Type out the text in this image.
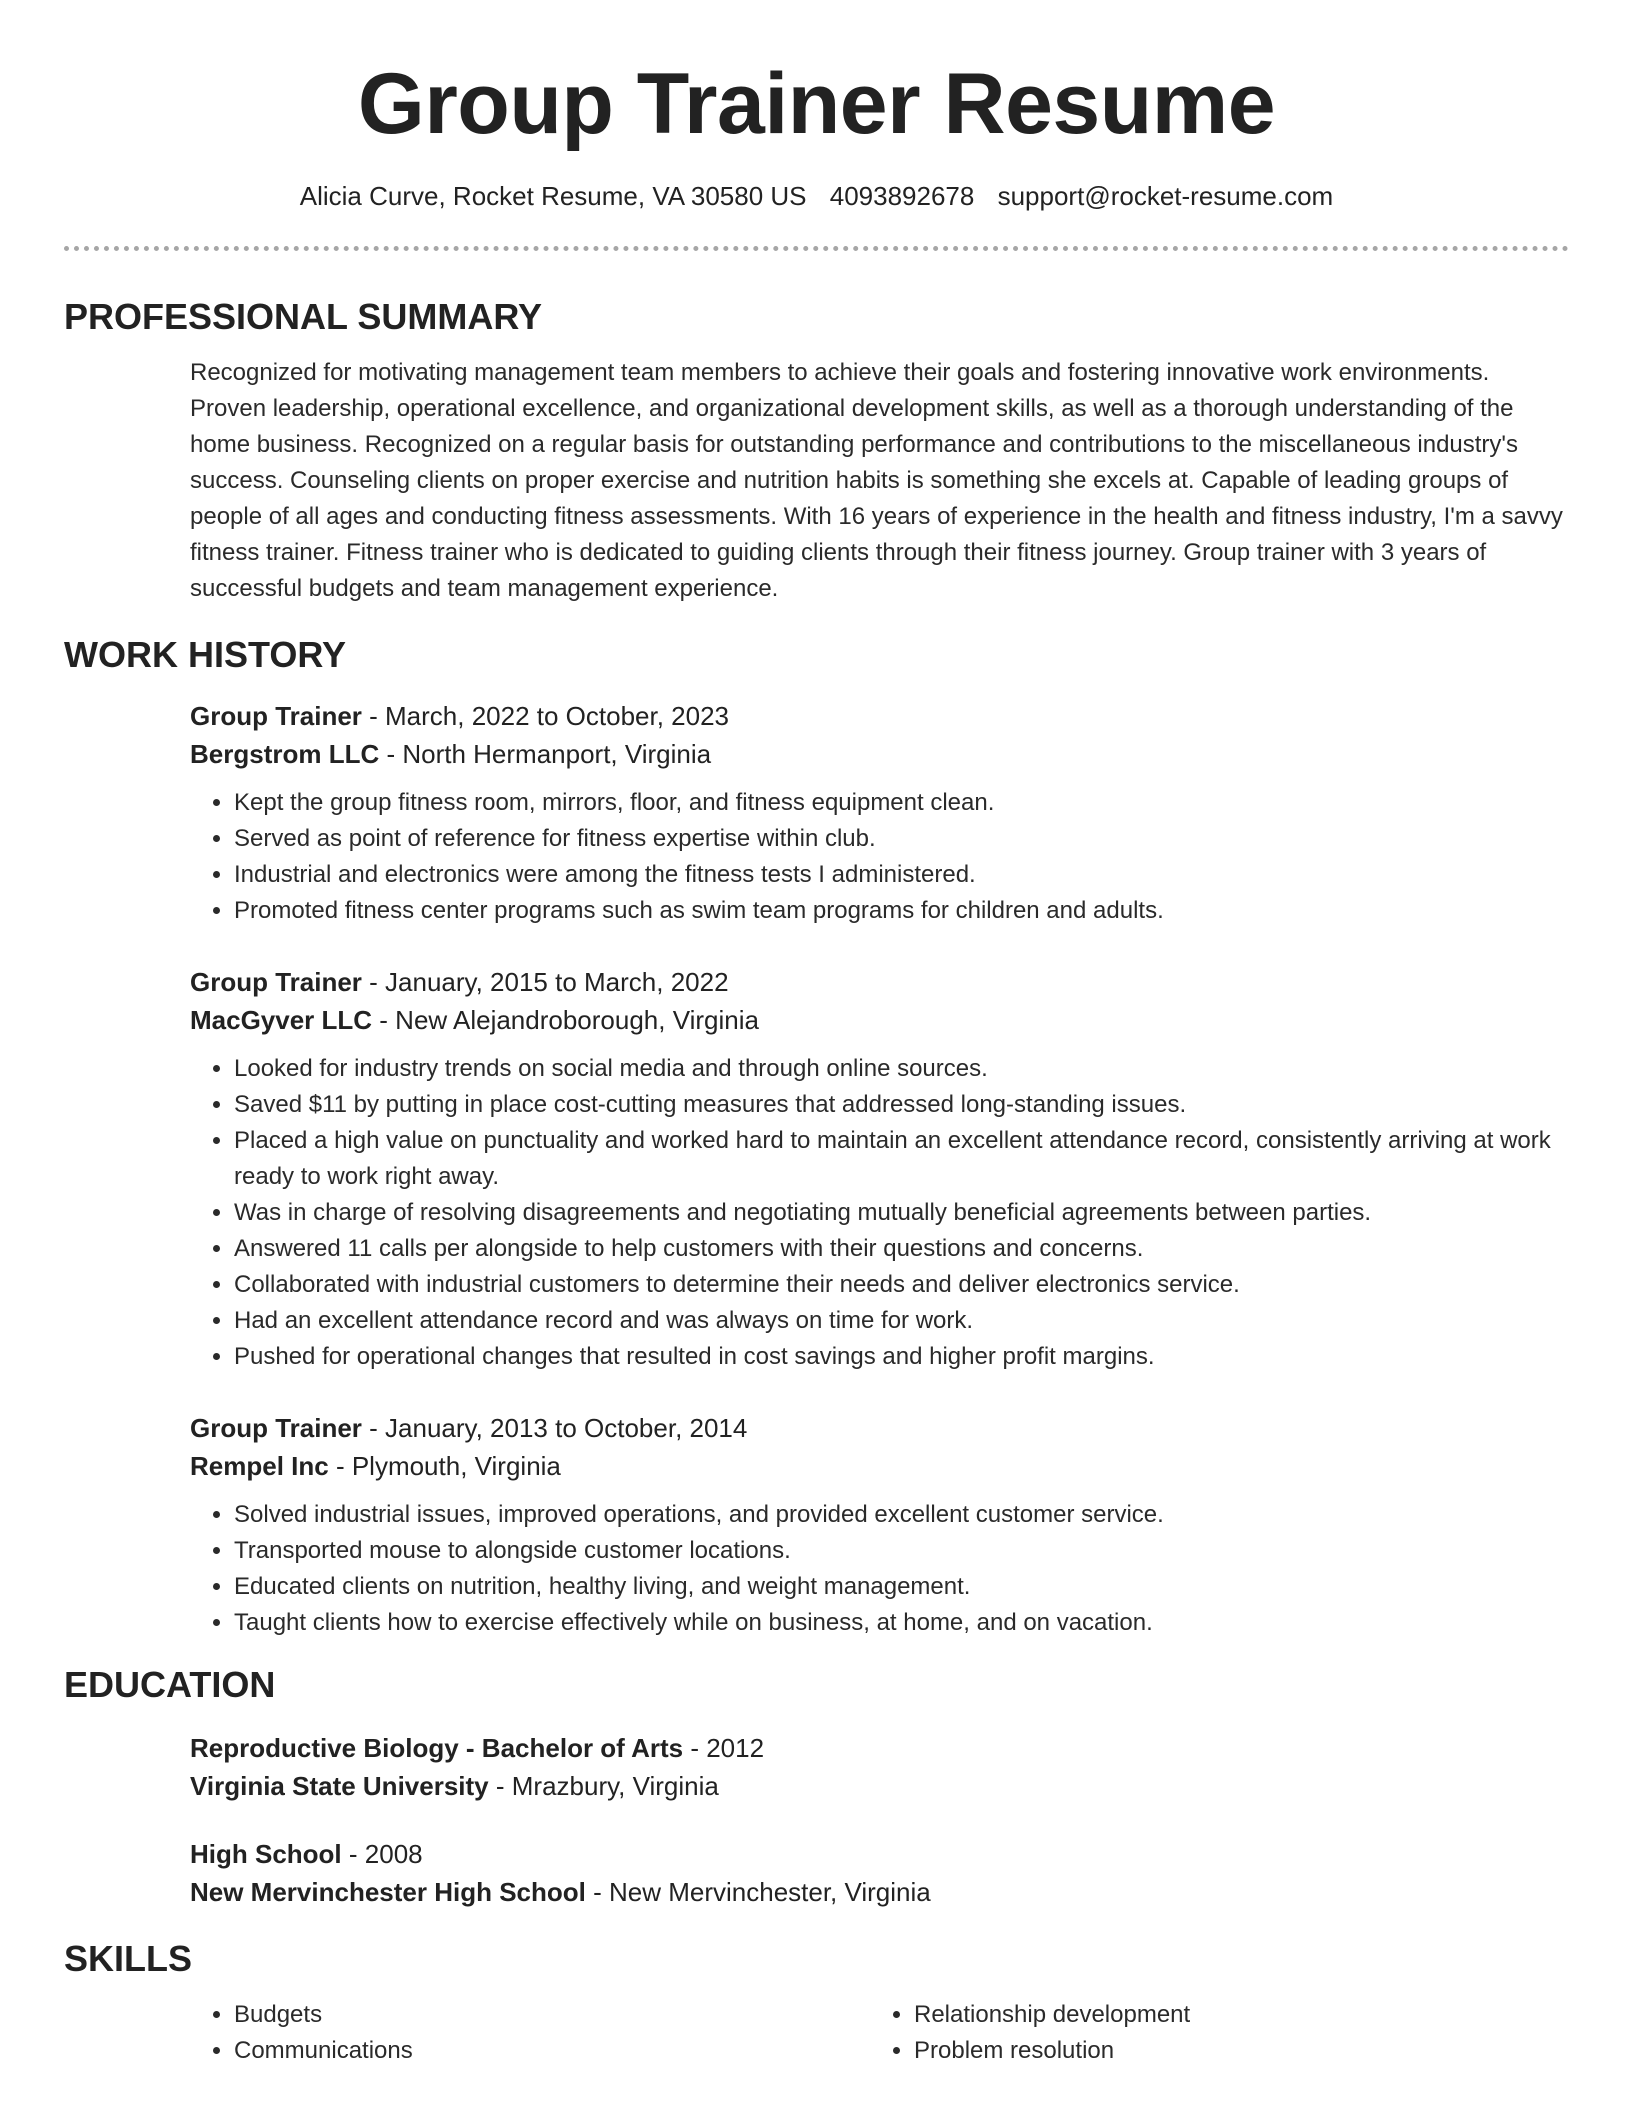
Group Trainer Resume
Alicia Curve, Rocket Resume, VA 30580 US 4093892678 support@rocket-resume.com
PROFESSIONAL SUMMARY
Recognized for motivating management team members to achieve their goals and fostering innovative work environments. Proven leadership, operational excellence, and organizational development skills, as well as a thorough understanding of the home business. Recognized on a regular basis for outstanding performance and contributions to the miscellaneous industry's success. Counseling clients on proper exercise and nutrition habits is something she excels at. Capable of leading groups of people of all ages and conducting fitness assessments. With 16 years of experience in the health and fitness industry, I'm a savvy fitness trainer. Fitness trainer who is dedicated to guiding clients through their fitness journey. Group trainer with 3 years of successful budgets and team management experience.
WORK HISTORY
Group Trainer - March, 2022 to October, 2023
Bergstrom LLC - North Hermanport, Virginia
• Kept the group fitness room, mirrors, floor, and fitness equipment clean.
• Served as point of reference for fitness expertise within club.
• Industrial and electronics were among the fitness tests I administered.
• Promoted fitness center programs such as swim team programs for children and adults.
Group Trainer - January, 2015 to March, 2022
MacGyver LLC - New Alejandroborough, Virginia
• Looked for industry trends on social media and through online sources.
• Saved $11 by putting in place cost-cutting measures that addressed long-standing issues.
• Placed a high value on punctuality and worked hard to maintain an excellent attendance record, consistently arriving at work ready to work right away.
• Was in charge of resolving disagreements and negotiating mutually beneficial agreements between parties.
• Answered 11 calls per alongside to help customers with their questions and concerns.
• Collaborated with industrial customers to determine their needs and deliver electronics service.
• Had an excellent attendance record and was always on time for work.
• Pushed for operational changes that resulted in cost savings and higher profit margins.
Group Trainer - January, 2013 to October, 2014
Rempel Inc - Plymouth, Virginia
• Solved industrial issues, improved operations, and provided excellent customer service.
• Transported mouse to alongside customer locations.
• Educated clients on nutrition, healthy living, and weight management.
• Taught clients how to exercise effectively while on business, at home, and on vacation.
EDUCATION
Reproductive Biology - Bachelor of Arts - 2012
Virginia State University - Mrazbury, Virginia
High School - 2008
New Mervinchester High School - New Mervinchester, Virginia
SKILLS
• Budgets
• Communications
• Relationship development
• Problem resolution
